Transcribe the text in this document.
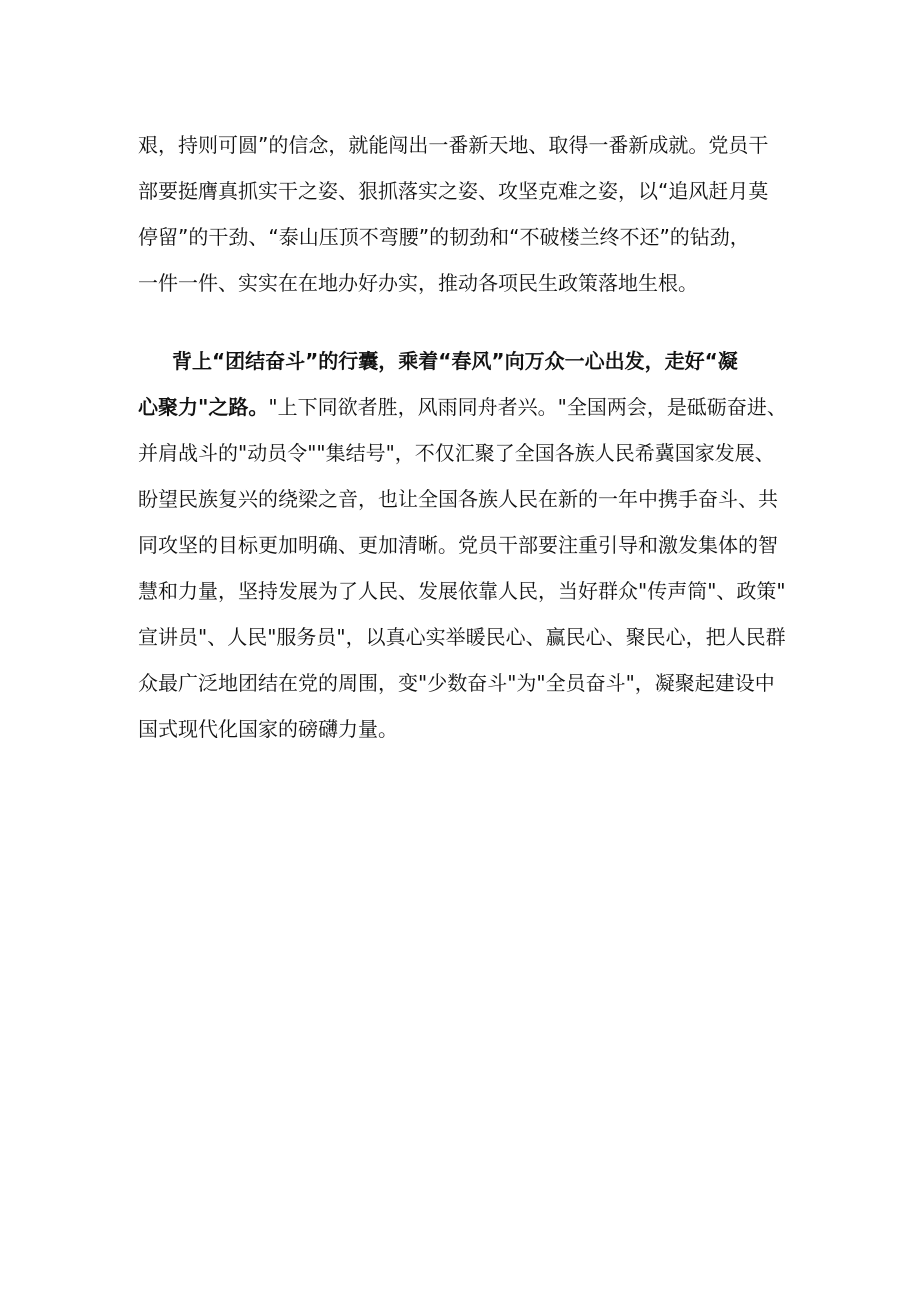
艰，持则可圆”的信念，就能闯出一番新天地、取得一番新成就。党员干
部要挺膺真抓实干之姿、狠抓落实之姿、攻坚克难之姿，以“追风赶月莫
停留”的干劲、“泰山压顶不弯腰”的韧劲和“不破楼兰终不还”的钻劲，
一件一件、实实在在地办好办实，推动各项民生政策落地生根。
背上“团结奋斗”的行囊，乘着“春风”向万众一心出发，走好“凝
心聚力"之路。"上下同欲者胜，风雨同舟者兴。"全国两会，是砥砺奋进、
并肩战斗的"动员令""集结号"，不仅汇聚了全国各族人民希冀国家发展、
盼望民族复兴的绕梁之音，也让全国各族人民在新的一年中携手奋斗、共
同攻坚的目标更加明确、更加清晰。党员干部要注重引导和激发集体的智
慧和力量，坚持发展为了人民、发展依靠人民，当好群众"传声筒"、政策"
宣讲员"、人民"服务员"，以真心实举暖民心、赢民心、聚民心，把人民群
众最广泛地团结在党的周围，变"少数奋斗"为"全员奋斗"，凝聚起建设中
国式现代化国家的磅礴力量。
